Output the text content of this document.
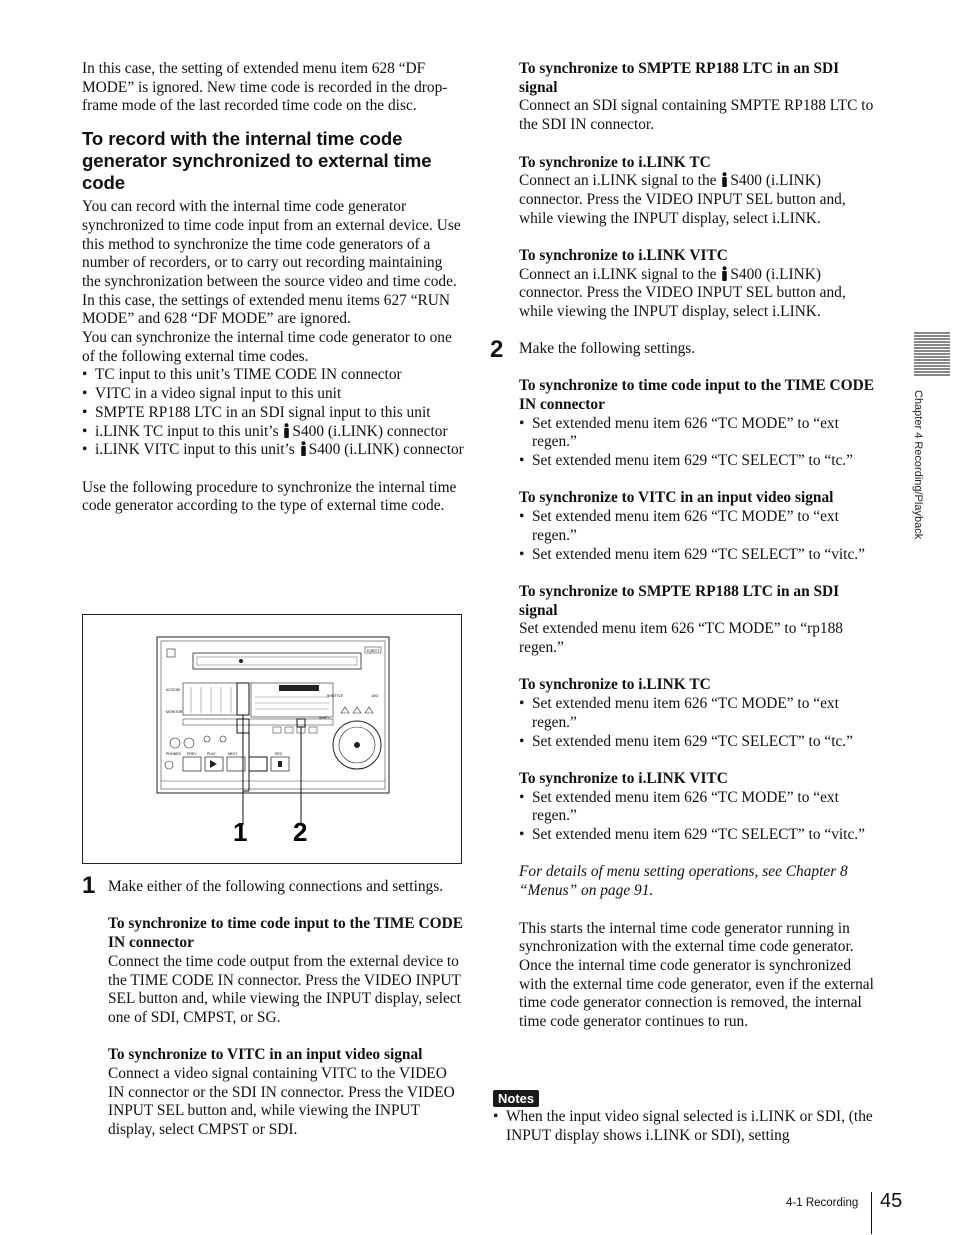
In this case, the setting of extended menu item 628 “DF MODE” is ignored. New time code is recorded in the drop-frame mode of the last recorded time code on the disc.

To record with the internal time code generator synchronized to external time code

You can record with the internal time code generator synchronized to time code input from an external device. Use this method to synchronize the time code generators of a number of recorders, or to carry out recording maintaining the synchronization between the source video and time code.

In this case, the settings of extended menu items 627 “RUN MODE” and 628 “DF MODE” are ignored.

You can synchronize the internal time code generator to one of the following external time codes.

• TC input to this unit’s TIME CODE IN connector
• VITC in a video signal input to this unit
• SMPTE RP188 LTC in an SDI signal input to this unit
• i.LINK TC input to this unit’s S400 (i.LINK) connector
• i.LINK VITC input to this unit’s S400 (i.LINK) connector

Use the following procedure to synchronize the internal time code generator according to the type of external time code.

EJECT
ACCESS
MONITOR
PHONES PREV	PLAY	NEXT	REC
SHIFT
SHUTTLE	JOG
1 2
1 Make either of the following connections and settings.

To synchronize to time code input to the TIME CODE IN connector

Connect the time code output from the external device to the TIME CODE IN connector. Press the VIDEO INPUT SEL button and, while viewing the INPUT display, select one of SDI, CMPST, or SG.

To synchronize to VITC in an input video signal

Connect a video signal containing VITC to the VIDEO IN connector or the SDI IN connector. Press the VIDEO INPUT SEL button and, while viewing the INPUT display, select CMPST or SDI.

To synchronize to SMPTE RP188 LTC in an SDI signal

Connect an SDI signal containing SMPTE RP188 LTC to the SDI IN connector.

To synchronize to i.LINK TC

Connect an i.LINK signal to the S400 (i.LINK) connector. Press the VIDEO INPUT SEL button and, while viewing the INPUT display, select i.LINK.

To synchronize to i.LINK VITC

Connect an i.LINK signal to the S400 (i.LINK) connector. Press the VIDEO INPUT SEL button and, while viewing the INPUT display, select i.LINK.

Make the following settings.

To synchronize to time code input to the TIME CODE IN connector

• Set extended menu item 626 “TC MODE” to “ext regen.”
• Set extended menu item 629 “TC SELECT” to “tc.”

To synchronize to VITC in an input video signal

• Set extended menu item 626 “TC MODE” to “ext regen.”
• Set extended menu item 629 “TC SELECT” to “vitc.”

To synchronize to SMPTE RP188 LTC in an SDI signal

Set extended menu item 626 “TC MODE” to “rp188 regen.”

To synchronize to i.LINK TC

• Set extended menu item 626 “TC MODE” to “ext regen.”
• Set extended menu item 629 “TC SELECT” to “tc.”

To synchronize to i.LINK VITC

• Set extended menu item 626 “TC MODE” to “ext regen.”
• Set extended menu item 629 “TC SELECT” to “vitc.”

For details of menu setting operations, see Chapter 8 “Menus” on page 91.

This starts the internal time code generator running in synchronization with the external time code generator. Once the internal time code generator is synchronized with the external time code generator, even if the external time code generator connection is removed, the internal time code generator continues to run.

2
Notes
• When the input video signal selected is i.LINK or SDI, (the INPUT display shows i.LINK or SDI), setting
Chapter 4 Recording/Playback
4-1 Recording 45
